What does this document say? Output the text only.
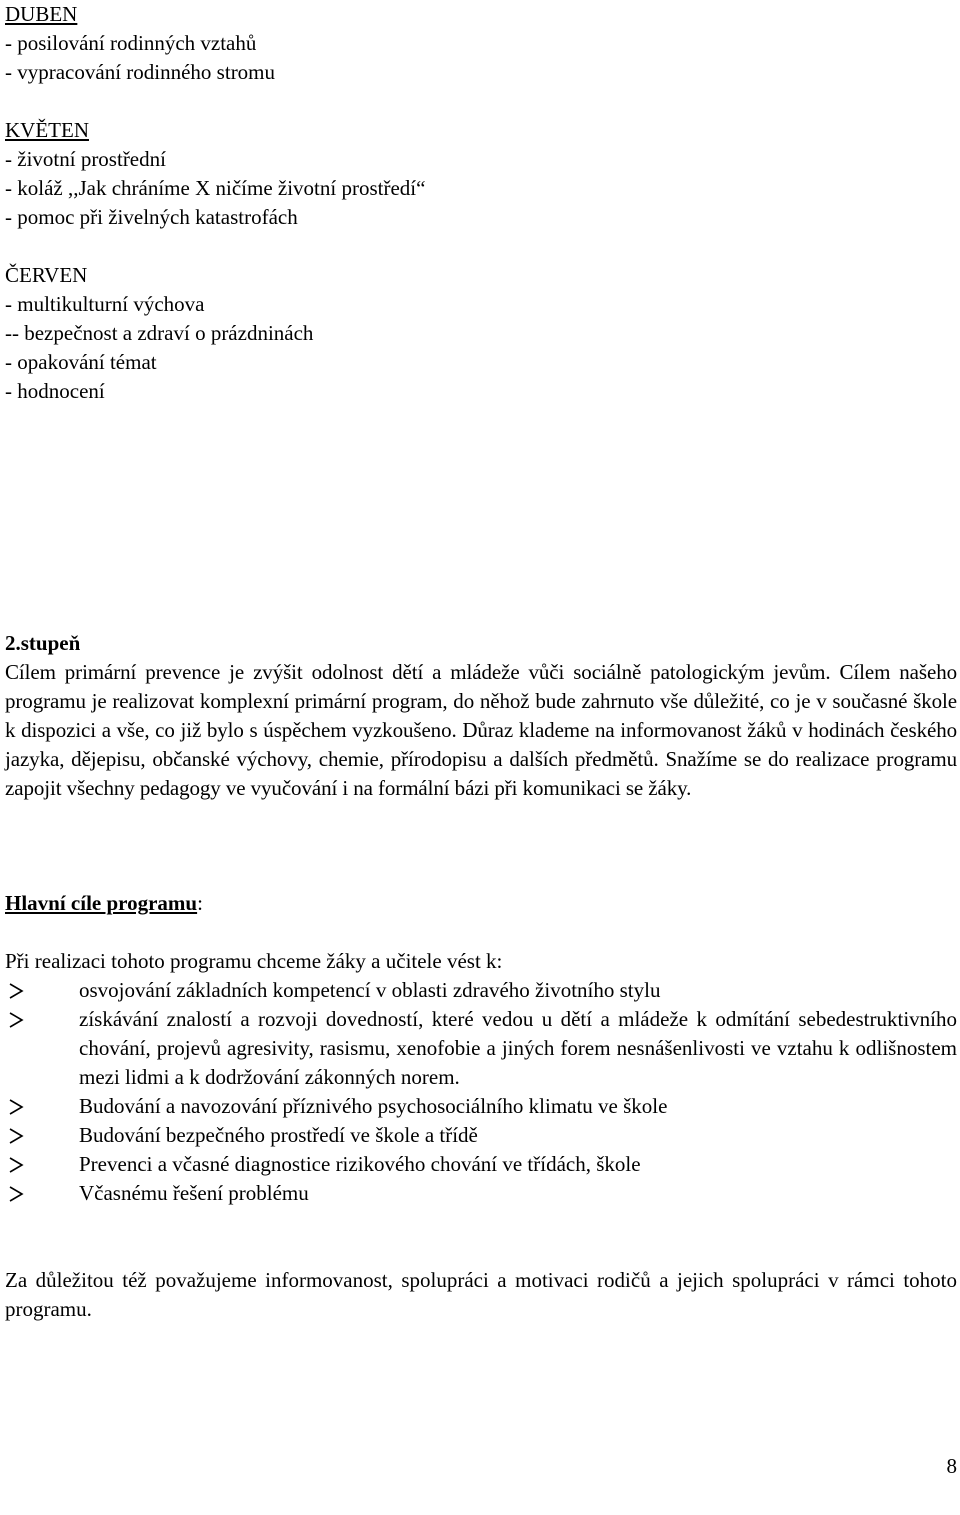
DUBEN
- posilování rodinných vztahů
- vypracování rodinného stromu
KVĚTEN
- životní prostřední
- koláž ,,Jak chráníme X ničíme životní prostředí“
- pomoc při živelných katastrofách
ČERVEN
- multikulturní výchova
-- bezpečnost a zdraví o prázdninách
- opakování témat
- hodnocení
2.stupeň
Cílem primární prevence je zvýšit odolnost dětí a mládeže vůči sociálně patologickým jevům. Cílem našeho programu je realizovat komplexní primární program, do něhož bude zahrnuto vše důležité, co je v současné škole k dispozici a vše, co již bylo s úspěchem vyzkoušeno. Důraz klademe na informovanost žáků v hodinách českého jazyka, dějepisu, občanské výchovy, chemie, přírodopisu a dalších předmětů. Snažíme se do realizace programu zapojit všechny pedagogy ve vyučování i na formální bázi při komunikaci se žáky.
Hlavní cíle programu:
Při realizaci tohoto programu chceme žáky a učitele vést k:
osvojování základních kompetencí v oblasti zdravého životního stylu
získávání znalostí a rozvoji dovedností, které vedou u dětí a mládeže k odmítání sebedestruktivního chování, projevů agresivity, rasismu, xenofobie a jiných forem nesnášenlivosti ve vztahu k odlišnostem mezi lidmi a k dodržování zákonných norem.
Budování a navozování příznivého psychosociálního klimatu ve škole
Budování bezpečného prostředí ve škole a třídě
Prevenci a včasné diagnostice rizikového chování ve třídách, škole
Včasnému řešení problému
Za důležitou též považujeme informovanost, spolupráci a motivaci rodičů a jejich spolupráci v rámci tohoto programu.
8
